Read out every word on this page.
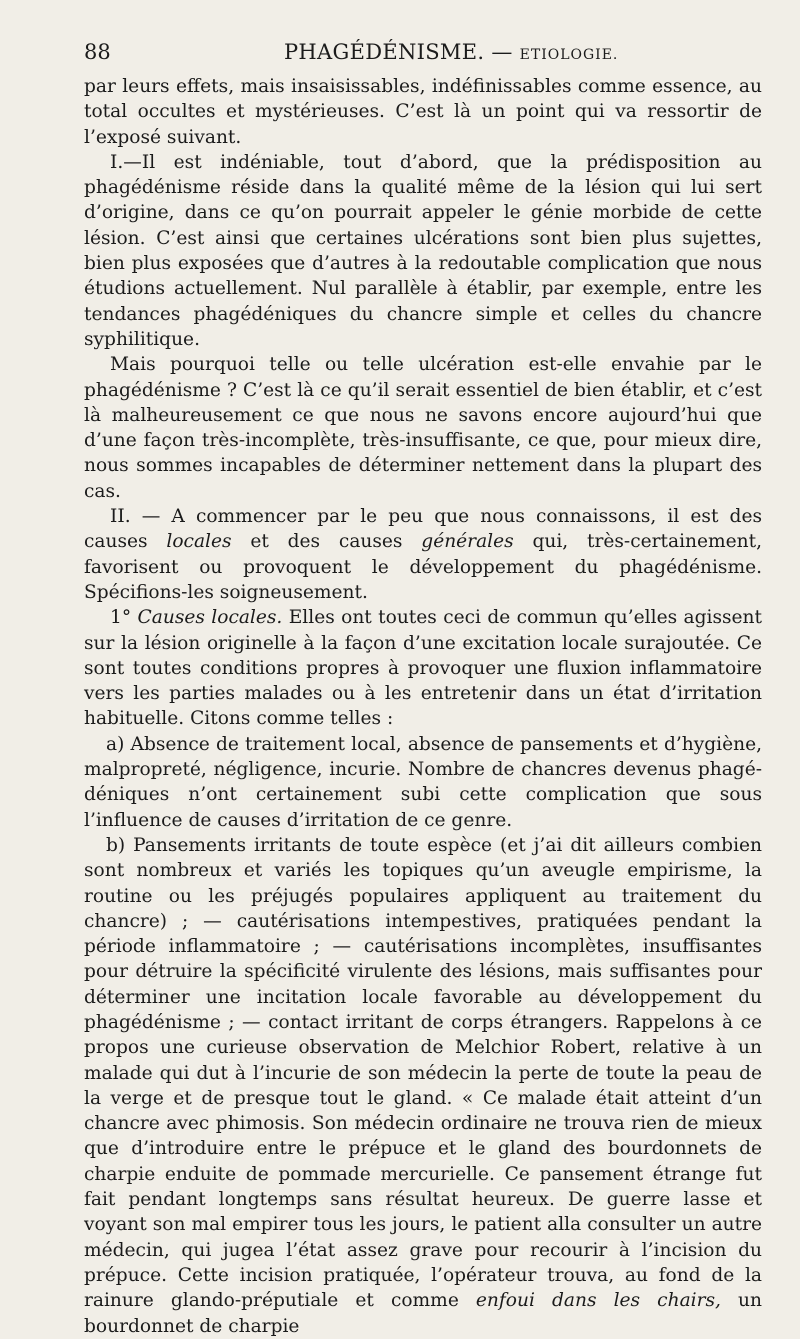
88	PHAGÉDÉNISME. — ETIOLOGIE.

par leurs effets, mais insaisissables, indéfinissables comme essence, au total occultes et mystérieuses. C’est là un point qui va ressortir de l’exposé suivant.

I.—Il est indéniable, tout d’abord, que la prédisposition au phagédénisme réside dans la qualité même de la lésion qui lui sert d’origine, dans ce qu’on pourrait appeler le génie morbide de cette lésion. C’est ainsi que certaines ulcérations sont bien plus sujettes, bien plus exposées que d’autres à la redoutable complication que nous étudions actuellement. Nul parallèle à établir, par exemple, entre les tendances phagédéniques du chancre simple et celles du chancre syphilitique.

Mais pourquoi telle ou telle ulcération est-elle envahie par le phagédénisme ? C’est là ce qu’il serait essentiel de bien établir, et c’est là malheureusement ce que nous ne savons encore aujourd’hui que d’une façon très-incomplète, très-insuffisante, ce que, pour mieux dire, nous sommes incapables de déterminer nettement dans la plupart des cas.

II. — A commencer par le peu que nous connaissons, il est des causes locales et des causes générales qui, très-certainement, favorisent ou provoquent le développement du phagédénisme. Spécifions-les soigneusement.

1° Causes locales. Elles ont toutes ceci de commun qu’elles agissent sur la lésion originelle à la façon d’une excitation locale surajoutée. Ce sont toutes conditions propres à provoquer une fluxion inflammatoire vers les parties malades ou à les entretenir dans un état d’irritation habituelle. Citons comme telles :

a) Absence de traitement local, absence de pansements et d’hygiène, malpropreté, négligence, incurie. Nombre de chancres devenus phagédéniques n’ont certainement subi cette complication que sous l’influence de causes d’irritation de ce genre.

b) Pansements irritants de toute espèce (et j’ai dit ailleurs combien sont nombreux et variés les topiques qu’un aveugle empirisme, la routine ou les préjugés populaires appliquent au traitement du chancre) ; — cautérisations intempestives, pratiquées pendant la période inflammatoire ; — cautérisations incomplètes, insuffisantes pour détruire la spécificité virulente des lésions, mais suffisantes pour déterminer une incitation locale favorable au développement du phagédénisme ; — contact irritant de corps étrangers. Rappelons à ce propos une curieuse observation de Melchior Robert, relative à un malade qui dut à l’incurie de son médecin la perte de toute la peau de la verge et de presque tout le gland. « Ce malade était atteint d’un chancre avec phimosis. Son médecin ordinaire ne trouva rien de mieux que d’introduire entre le prépuce et le gland des bourdonnets de charpie enduite de pommade mercurielle. Ce pansement étrange fut fait pendant longtemps sans résultat heureux. De guerre lasse et voyant son mal empirer tous les jours, le patient alla consulter un autre médecin, qui jugea l’état assez grave pour recourir à l’incision du prépuce. Cette incision pratiquée, l’opérateur trouva, au fond de la rainure glando-préputiale et comme enfoui dans les chairs, un bourdonnet de charpie
